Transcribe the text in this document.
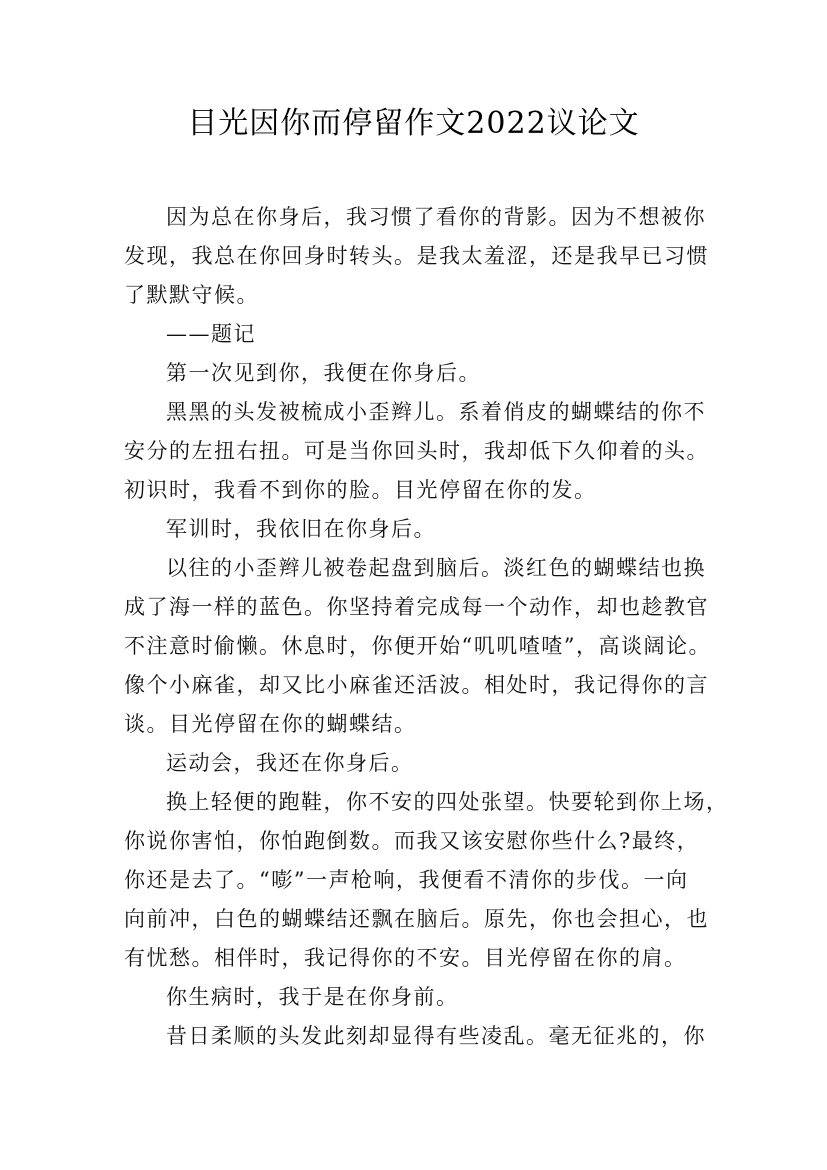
目光因你而停留作文2022议论文

因为总在你身后，我习惯了看你的背影。因为不想被你
发现，我总在你回身时转头。是我太羞涩，还是我早已习惯
了默默守候。

——题记

第一次见到你，我便在你身后。

黑黑的头发被梳成小歪辫儿。系着俏皮的蝴蝶结的你不
安分的左扭右扭。可是当你回头时，我却低下久仰着的头。
初识时，我看不到你的脸。目光停留在你的发。

军训时，我依旧在你身后。

以往的小歪辫儿被卷起盘到脑后。淡红色的蝴蝶结也换
成了海一样的蓝色。你坚持着完成每一个动作，却也趁教官
不注意时偷懒。休息时，你便开始“叽叽喳喳”，高谈阔论。
像个小麻雀，却又比小麻雀还活波。相处时，我记得你的言
谈。目光停留在你的蝴蝶结。

运动会，我还在你身后。

换上轻便的跑鞋，你不安的四处张望。快要轮到你上场，
你说你害怕，你怕跑倒数。而我又该安慰你些什么?最终，
你还是去了。“嘭”一声枪响，我便看不清你的步伐。一向
向前冲，白色的蝴蝶结还飘在脑后。原先，你也会担心，也
有忧愁。相伴时，我记得你的不安。目光停留在你的肩。

你生病时，我于是在你身前。

昔日柔顺的头发此刻却显得有些凌乱。毫无征兆的，你
